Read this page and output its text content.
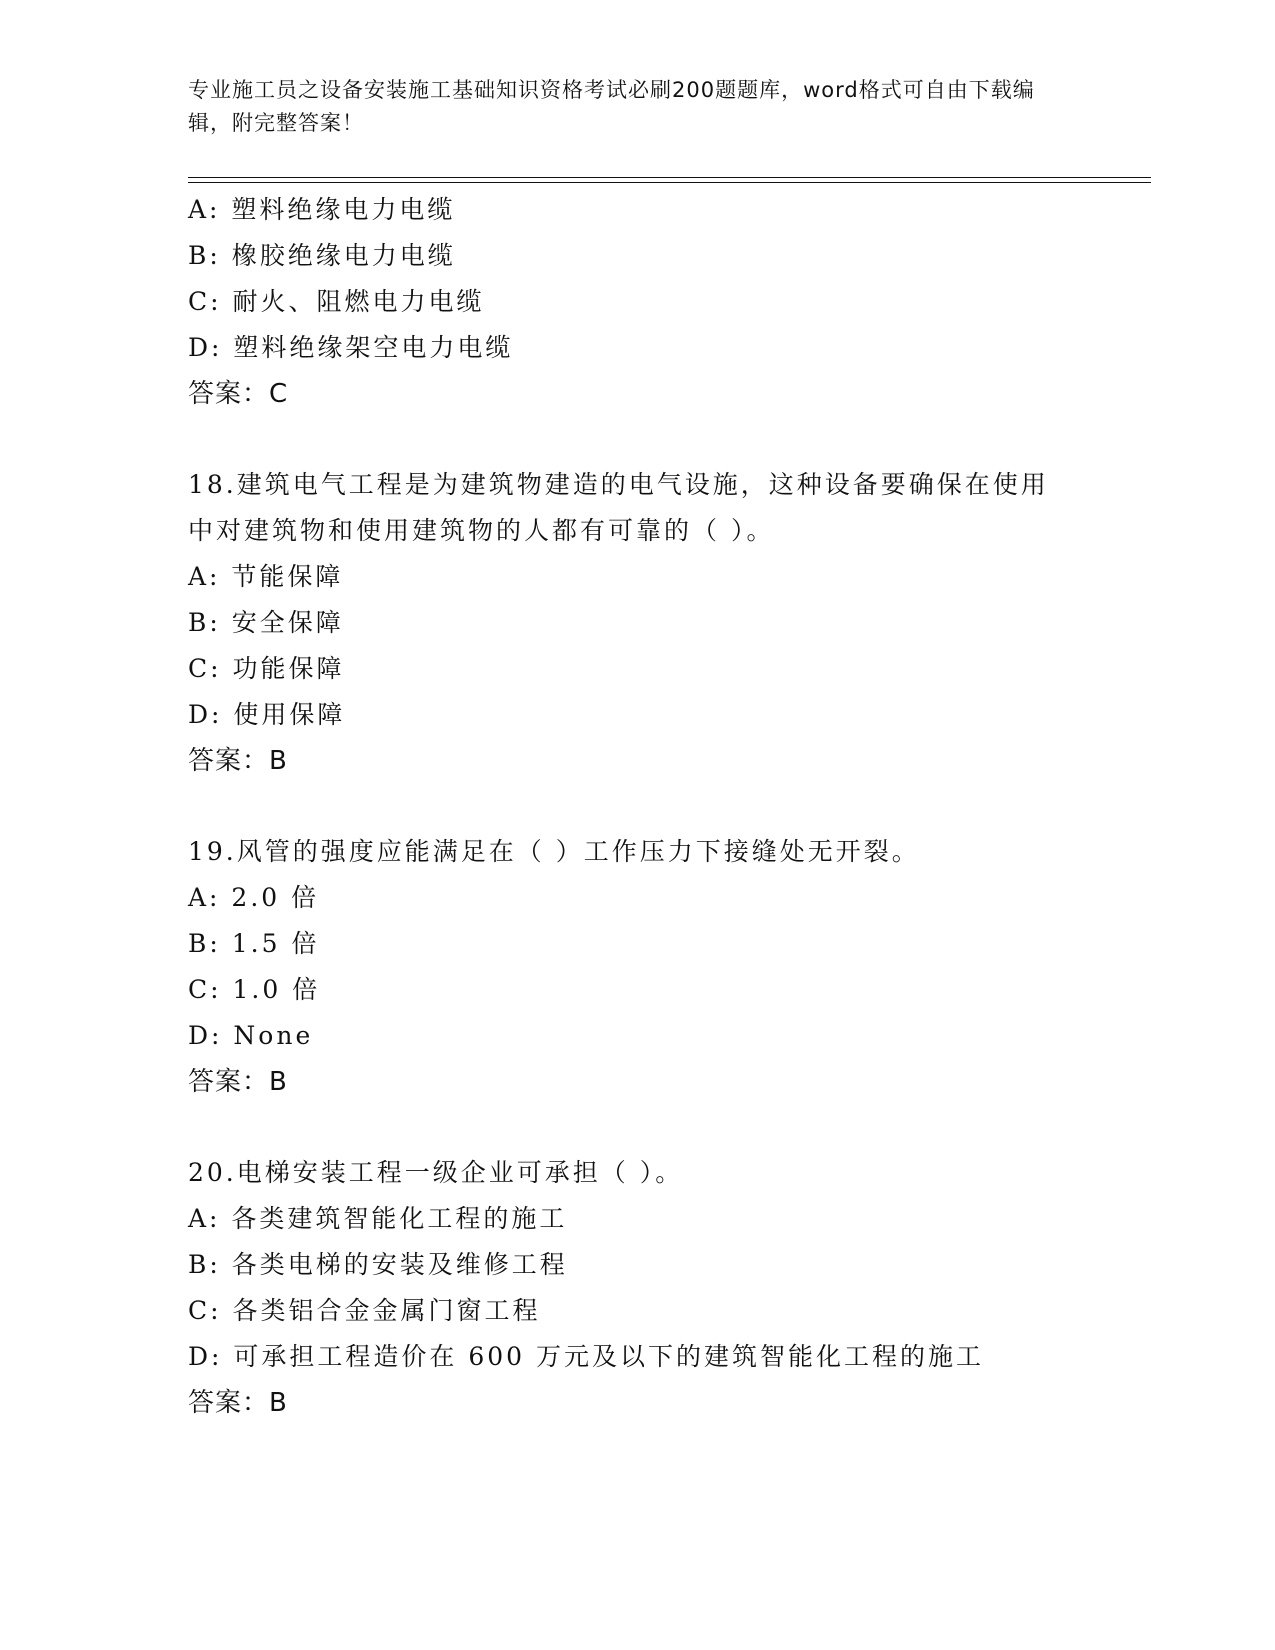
专业施工员之设备安装施工基础知识资格考试必刷200题题库，word格式可自由下载编辑，附完整答案！
A: 塑料绝缘电力电缆
B: 橡胶绝缘电力电缆
C: 耐火、阻燃电力电缆
D: 塑料绝缘架空电力电缆
答案：C
18.建筑电气工程是为建筑物建造的电气设施，这种设备要确保在使用
中对建筑物和使用建筑物的人都有可靠的（ ）。
A: 节能保障
B: 安全保障
C: 功能保障
D: 使用保障
答案：B
19.风管的强度应能满足在（ ）工作压力下接缝处无开裂。
A: 2.0 倍
B: 1.5 倍
C: 1.0 倍
D: None
答案：B
20.电梯安装工程一级企业可承担（ ）。
A: 各类建筑智能化工程的施工
B: 各类电梯的安装及维修工程
C: 各类铝合金金属门窗工程
D: 可承担工程造价在 600 万元及以下的建筑智能化工程的施工
答案：B
